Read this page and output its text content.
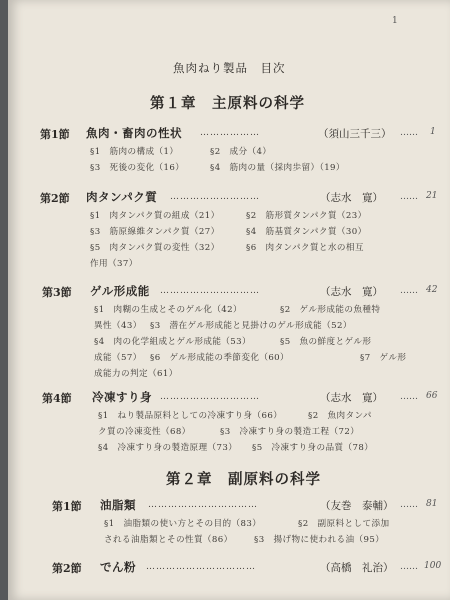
1
魚肉ねり製品　目次
第１章　主原料の科学
第1節 魚肉・畜肉の性状 ………………	（須山三千三） …… 1
§1　筋肉の構成（1）	§2　成分（4）
§3　死後の変化（16）	§4　筋肉の量（採肉歩留）（19）
第2節 肉タンパク質 ………………………	（志水　寛） …… 21
§1　肉タンパク質の組成（21）	§2　筋形質タンパク質（23）
§3　筋原線維タンパク質（27）	§4　筋基質タンパク質（30）
§5　肉タンパク質の変性（32）	§6　肉タンパク質と水の相互
作用（37）
第3節 ゲル形成能 …………………………	（志水　寛） …… 42
§1　肉糊の生成とそのゲル化（42）	§2　ゲル形成能の魚種特
異性（43） §3　潜在ゲル形成能と見掛けのゲル形成能（52）
§4　肉の化学組成とゲル形成能（53）	§5　魚の鮮度とゲル形
成能（57） §6　ゲル形成能の季節変化（60）	§7　ゲル形
成能力の判定（61）
第4節 冷凍すり身 …………………………	（志水　寛） …… 66
§1　ねり製品原料としての冷凍すり身（66）	§2　魚肉タンパ
ク質の冷凍変性（68）	§3　冷凍すり身の製造工程（72）
§4　冷凍すり身の製造原理（73） §5　冷凍すり身の品質（78）
第２章　副原料の科学
第1節 油脂類 ……………………………	（友巻　泰輔） …… 81
§1　油脂類の使い方とその目的（83）	§2　副原料として添加
される油脂類とその性質（86） §3　揚げ物に使われる油（95）
第2節 でん粉 ……………………………	（高橋　礼治） …… 100
